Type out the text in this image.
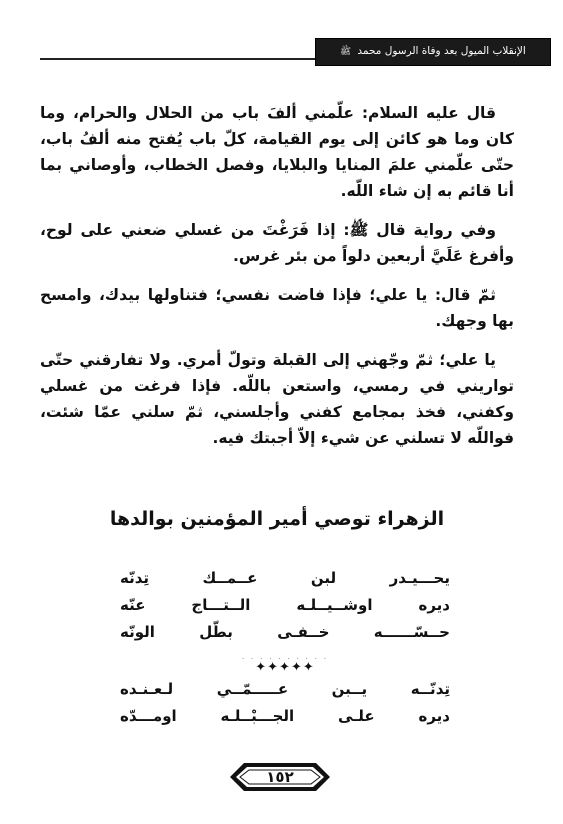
الإنقلاب الميول بعد وفاة الرسول محمد ﷺ

قال عليه السلام: علّمني ألفَ باب من الحلال والحرام، وما كان وما هو كائن إلى يوم القيامة، كلّ باب يُفتح منه ألفُ باب، حتّى علّمني علمَ المنايا والبلايا، وفصل الخطاب، وأوصاني بما أنا قائم به إن شاء اللّه.

وفي رواية قال ﷺ: إذا فَرَغْتَ من غسلي ضعني على لوح، وأفرغ عَلَيَّ أربعين دلواً من بئر غرس.

ثمّ قال: يا علي؛ فإذا فاضت نفسي؛ فتناولها بيدك، وامسح بها وجهك.

يا علي؛ ثمّ وجّهني إلى القبلة وتولّ أمري. ولا تفارقني حتّى تواريني في رمسي، واستعن باللّه. فإذا فرغت من غسلي وكفني، فخذ بمجامع كفني وأجلسني، ثمّ سلني عمّا شئت، فواللّه لا تسلني عن شيء إلاّ أجبتك فيه.

الزهراء توصي أمير المؤمنين بوالدها
يحـــيـدر لبن عــمــك تِدنّه
ديره اوشــيــلـه الــتـــاج عنّه
حــسّــــــه خــفـى بطّل الونّه
. . . . . . . . . .
✦✦✦✦✦
تِدنّــه يــبن عـــــمّــي لـعـنـده
ديره علـى الجـــبْــلـه اومـــدّه
١٥٢
